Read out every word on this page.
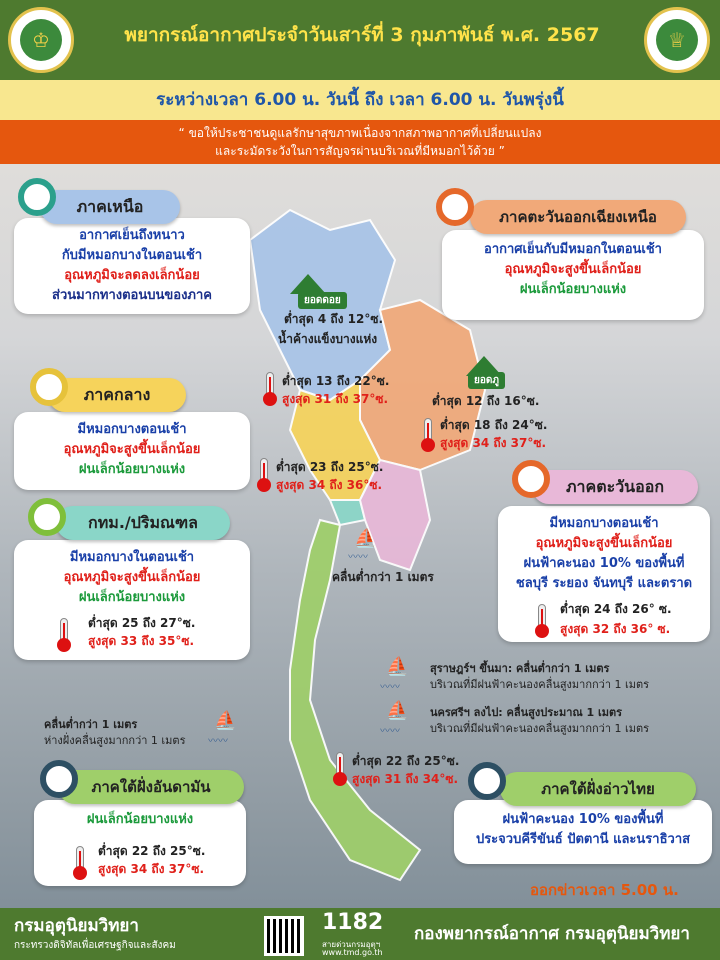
♔	♕
พยากรณ์อากาศประจำวันเสาร์ที่ 3 กุมภาพันธ์ พ.ศ. 2567
ระหว่างเวลา 6.00 น. วันนี้ ถึง เวลา 6.00 น. วันพรุ่งนี้
“ ขอให้ประชาชนดูแลรักษาสุขภาพเนื่องจากสภาพอากาศที่เปลี่ยนแปลง
และระมัดระวังในการสัญจรผ่านบริเวณที่มีหมอกไว้ด้วย ”
อากาศเย็นถึงหนาว
กับมีหมอกบางในตอนเช้า
อุณหภูมิจะลดลงเล็กน้อย
ส่วนมากทางตอนบนของภาค
ภาคเหนือ
ยอดดอย
ต่ำสุด 4 ถึง 12°ซ.
น้ำค้างแข็งบางแห่ง
ต่ำสุด 13 ถึง 22°ซ.
สูงสุด 31 ถึง 37°ซ.
อากาศเย็นกับมีหมอกในตอนเช้า
อุณหภูมิจะสูงขึ้นเล็กน้อย
ฝนเล็กน้อยบางแห่ง
ภาคตะวันออกเฉียงเหนือ
ยอดภู
ต่ำสุด 12 ถึง 16°ซ.
ต่ำสุด 18 ถึง 24°ซ.
สูงสุด 34 ถึง 37°ซ.
มีหมอกบางตอนเช้า
อุณหภูมิจะสูงขึ้นเล็กน้อย
ฝนเล็กน้อยบางแห่ง
ภาคกลาง
ต่ำสุด 23 ถึง 25°ซ.
สูงสุด 34 ถึง 36°ซ.
มีหมอกบางในตอนเช้า
อุณหภูมิจะสูงขึ้นเล็กน้อย
ฝนเล็กน้อยบางแห่ง
กทม./ปริมณฑล
ต่ำสุด 25 ถึง 27°ซ.
สูงสุด 33 ถึง 35°ซ.
มีหมอกบางตอนเช้า
อุณหภูมิจะสูงขึ้นเล็กน้อย
ฝนฟ้าคะนอง 10% ของพื้นที่
ชลบุรี ระยอง จันทบุรี และตราด
ภาคตะวันออก
ต่ำสุด 24 ถึง 26° ซ.
สูงสุด 32 ถึง 36° ซ.
⛵
〰〰
คลื่นต่ำกว่า 1 เมตร
⛵
〰〰
สุราษฎร์ฯ ขึ้นมา: คลื่นต่ำกว่า 1 เมตร
บริเวณที่มีฝนฟ้าคะนองคลื่นสูงมากกว่า 1 เมตร
⛵
〰〰
นครศรีฯ ลงไป: คลื่นสูงประมาณ 1 เมตร
บริเวณที่มีฝนฟ้าคะนองคลื่นสูงมากกว่า 1 เมตร
คลื่นต่ำกว่า 1 เมตร
ห่างฝั่งคลื่นสูงมากกว่า 1 เมตร
⛵
〰〰
ฝนเล็กน้อยบางแห่ง
ภาคใต้ฝั่งอันดามัน
ต่ำสุด 22 ถึง 25°ซ.
สูงสุด 34 ถึง 37°ซ.
ต่ำสุด 22 ถึง 25°ซ.
สูงสุด 31 ถึง 34°ซ.
ฝนฟ้าคะนอง 10% ของพื้นที่
ประจวบคีรีขันธ์ ปัตตานี และนราธิวาส
ภาคใต้ฝั่งอ่าวไทย
ออกข่าวเวลา 5.00 น.
กรมอุตุนิยมวิทยา
กระทรวงดิจิทัลเพื่อเศรษฐกิจและสังคม
1182
สายด่วนกรมอุตุฯ
www.tmd.go.th
กองพยากรณ์อากาศ กรมอุตุนิยมวิทยา
